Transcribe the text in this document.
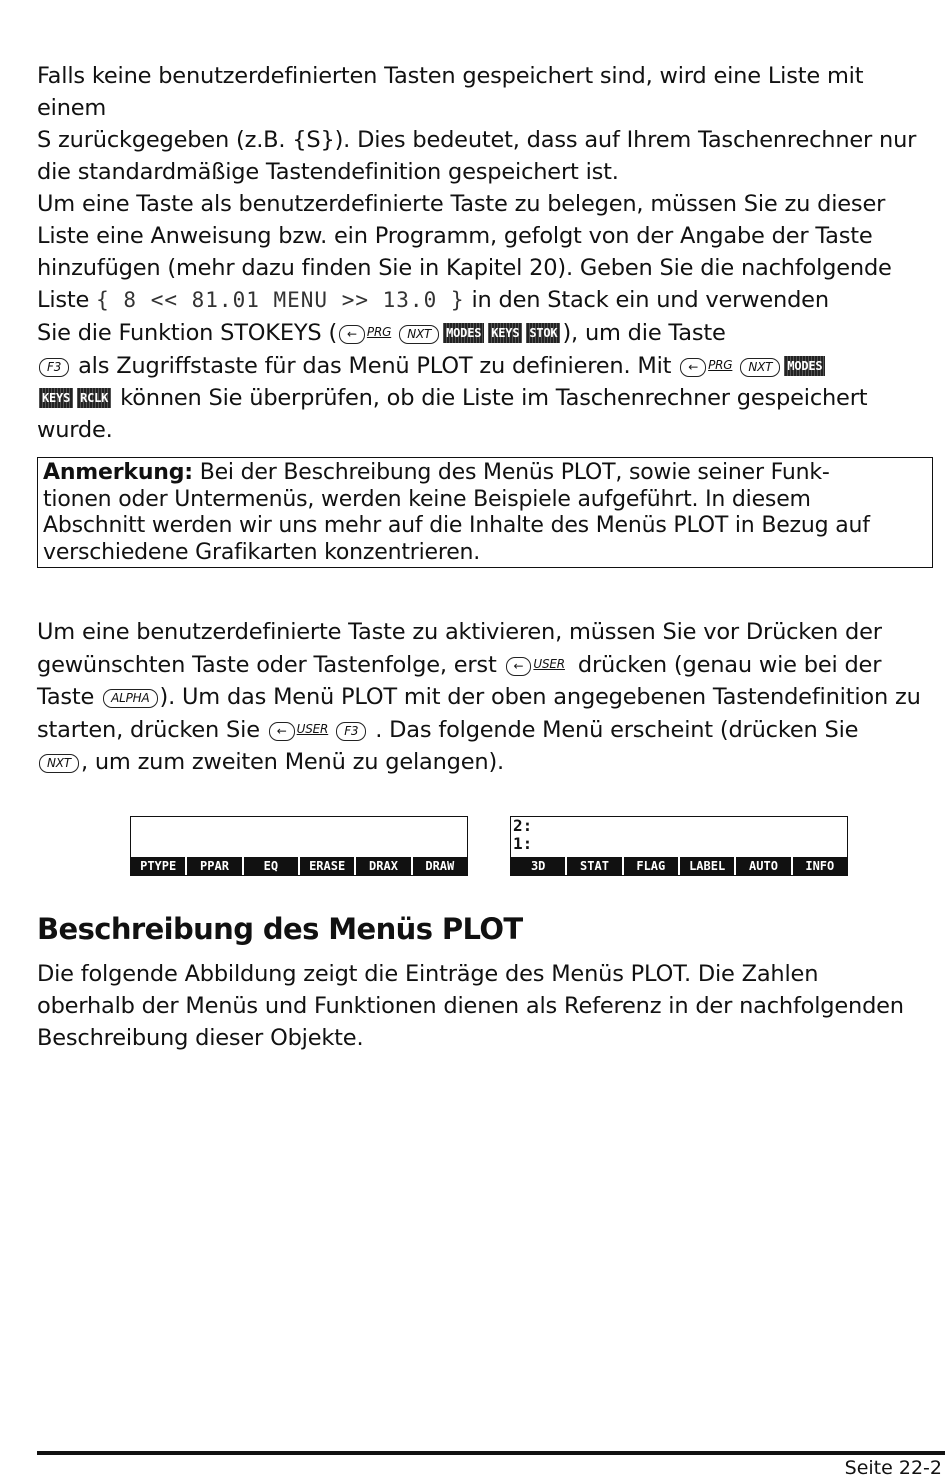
Falls keine benutzerdefinierten Tasten gespeichert sind, wird eine Liste mit einem
S zurückgegeben (z.B. {S}). Dies bedeutet, dass auf Ihrem Taschenrechner nur
die standardmäßige Tastendefinition gespeichert ist.
Um eine Taste als benutzerdefinierte Taste zu belegen, müssen Sie zu dieser
Liste eine Anweisung bzw. ein Programm, gefolgt von der Angabe der Taste
hinzufügen (mehr dazu finden Sie in Kapitel 20). Geben Sie die nachfolgende
Liste { 8 << 81.01 MENU >> 13.0 } in den Stack ein und verwenden
Sie die Funktion STOKEYS ( ← PRG NXT MODES KEYS STOK ), um die Taste
F3 als Zugriffstaste für das Menü PLOT zu definieren. Mit ← PRG NXT MODES
KEYS RCLK können Sie überprüfen, ob die Liste im Taschenrechner gespeichert
wurde.

Anmerkung: Bei der Beschreibung des Menüs PLOT, sowie seiner Funk-
tionen oder Untermenüs, werden keine Beispiele aufgeführt. In diesem
Abschnitt werden wir uns mehr auf die Inhalte des Menüs PLOT in Bezug auf
verschiedene Grafikarten konzentrieren.

Um eine benutzerdefinierte Taste zu aktivieren, müssen Sie vor Drücken der
gewünschten Taste oder Tastenfolge, erst ← USER drücken (genau wie bei der
Taste ALPHA ). Um das Menü PLOT mit der oben angegebenen Tastendefinition zu
starten, drücken Sie ← USER F3 . Das folgende Menü erscheint (drücken Sie
NXT , um zum zweiten Menü zu gelangen).

PTYPE	PPAR	EQ	ERASE	DRAX	DRAW
2:
1:
3D	STAT	FLAG	LABEL	AUTO	INFO
Beschreibung des Menüs PLOT

Die folgende Abbildung zeigt die Einträge des Menüs PLOT. Die Zahlen
oberhalb der Menüs und Funktionen dienen als Referenz in der nachfolgenden
Beschreibung dieser Objekte.

Seite 22-2
